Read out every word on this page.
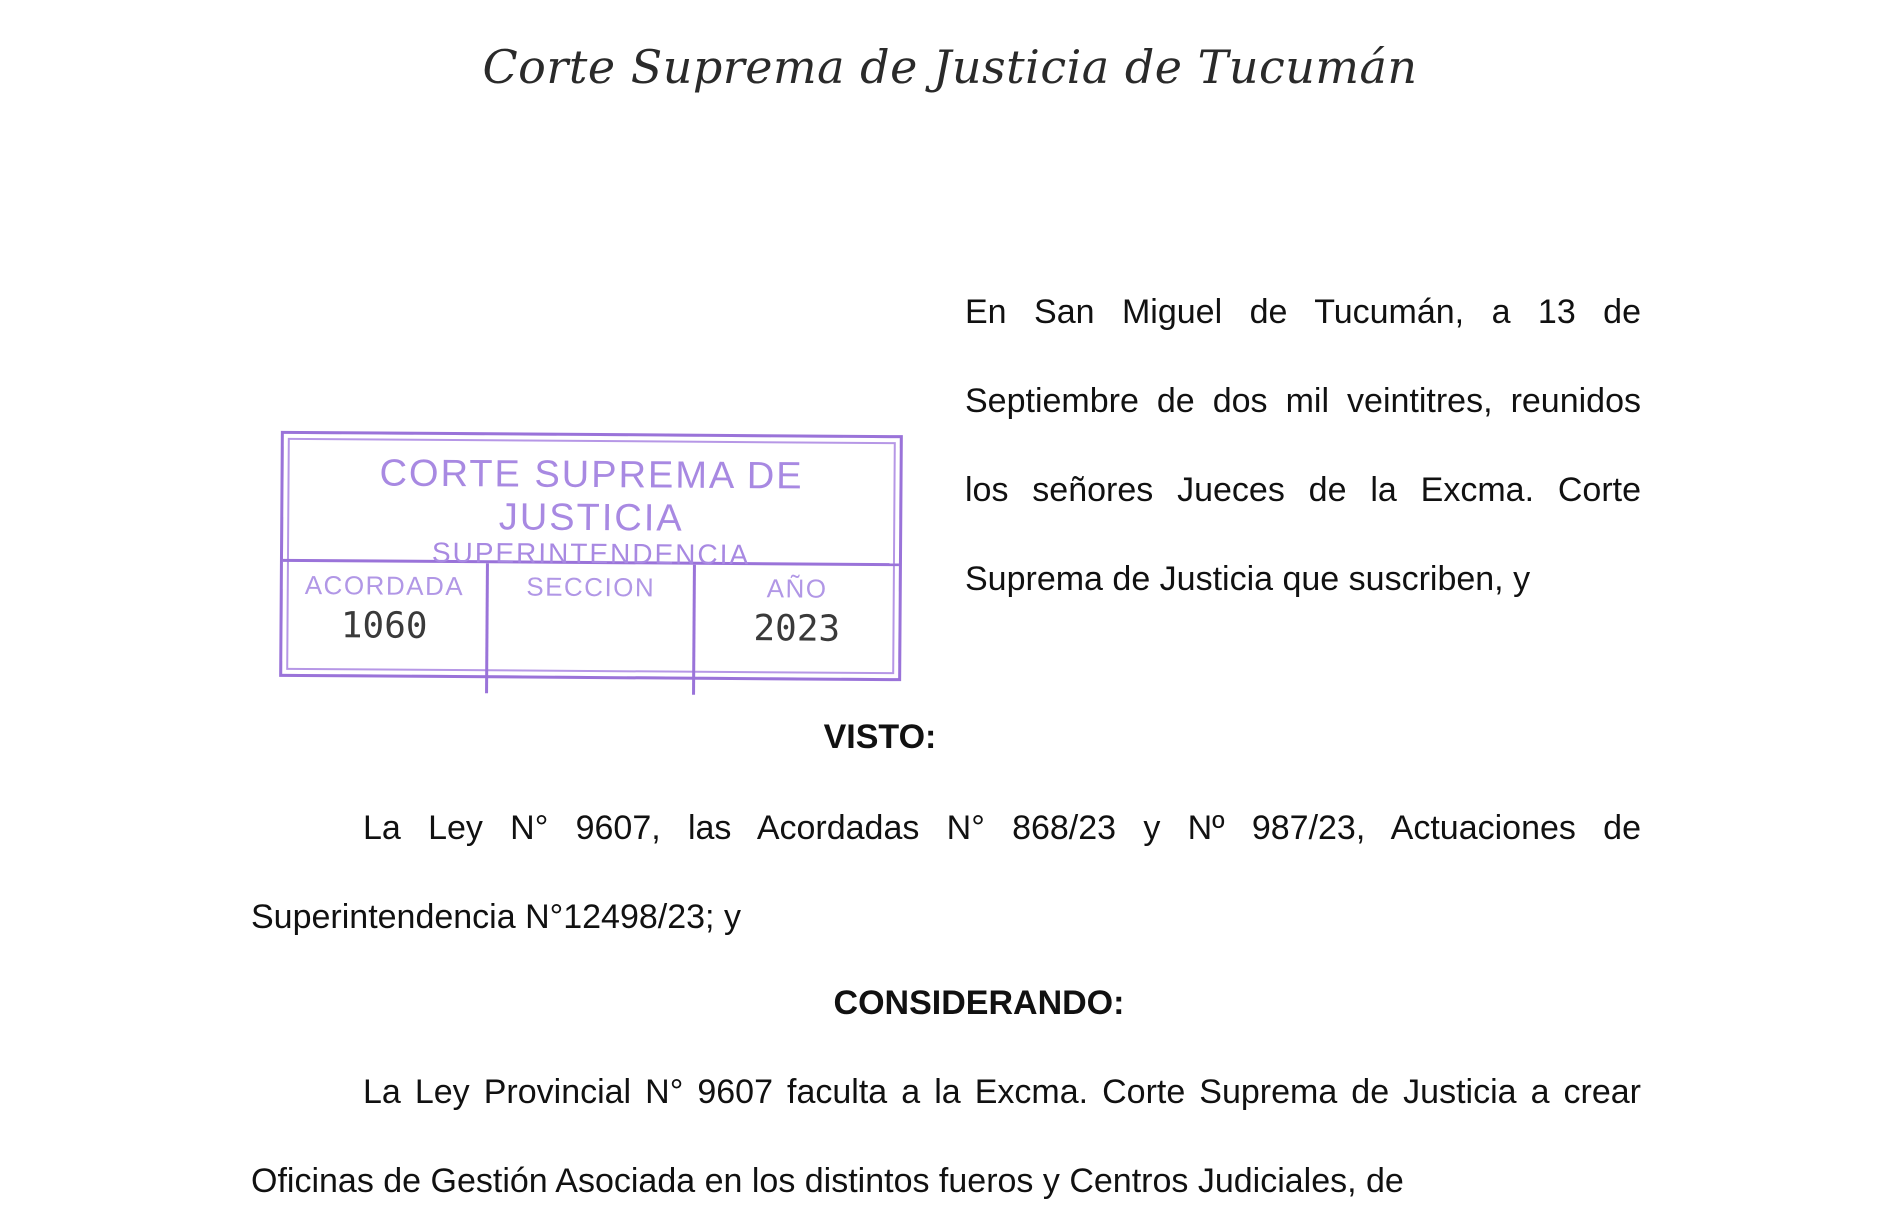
Corte Suprema de Justicia de Tucumán

En San Miguel de Tucumán, a 13 de Septiembre de dos mil veintitres, reunidos los señores Jueces de la Excma. Corte Suprema de Justicia que suscriben, y

CORTE SUPREMA DE JUSTICIA
SUPERINTENDENCIA
ACORDADA
1060
SECCION	AÑO
2023
VISTO:

La Ley N° 9607, las Acordadas N° 868/23 y Nº 987/23, Actuaciones de Superintendencia N°12498/23; y

CONSIDERANDO:

La Ley Provincial N° 9607 faculta a la Excma. Corte Suprema de Justicia a crear Oficinas de Gestión Asociada en los distintos fueros y Centros Judiciales, de
